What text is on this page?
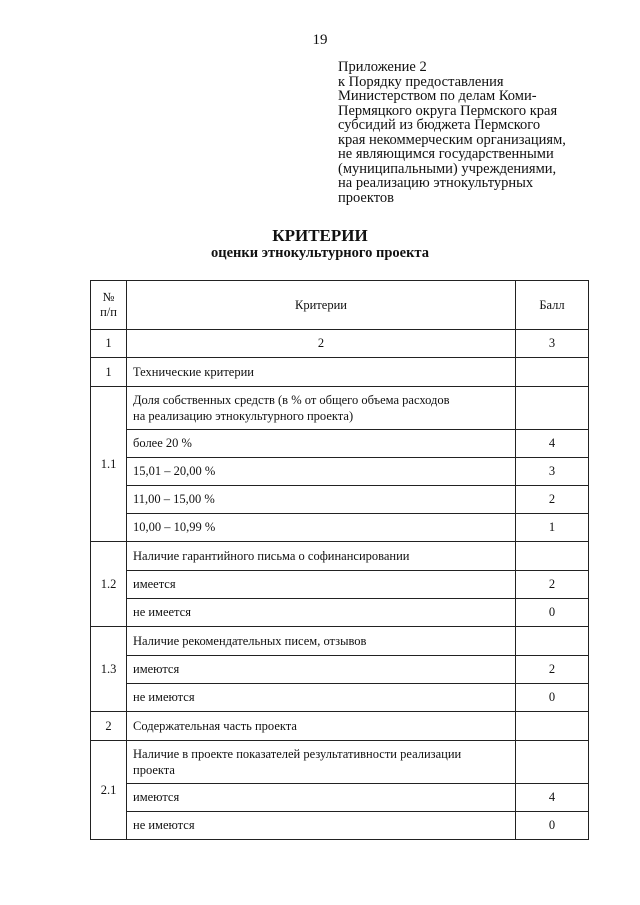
19
Приложение 2
к Порядку предоставления
Министерством по делам Коми-
Пермяцкого округа Пермского края
субсидий из бюджета Пермского
края некоммерческим организациям,
не являющимся государственными
(муниципальными) учреждениями,
на реализацию этнокультурных
проектов
КРИТЕРИИ
оценки этнокультурного проекта
№
п/п	Критерии	Балл
1	2	3
1	Технические критерии	
1.1	Доля собственных средств (в % от общего объема расходов
на реализацию этнокультурного проекта)	

	более 20 %	4
	15,01 – 20,00 %	3
	11,00 – 15,00 %	2
	10,00 – 10,99 %	1
1.2	Наличие гарантийного письма о софинансировании	
	имеется	2
	не имеется	0
1.3	Наличие рекомендательных писем, отзывов	
	имеются	2
	не имеются	0
2	Содержательная часть проекта	
2.1	Наличие в проекте показателей результативности реализации
проекта	

	имеются	4
	не имеются	0
